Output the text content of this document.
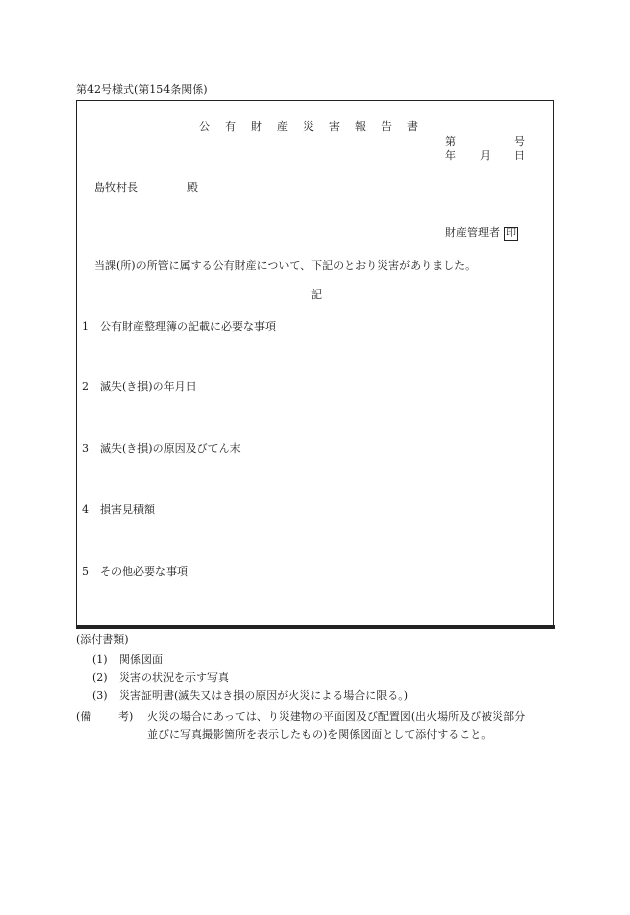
第42号様式(第154条関係)
公有財産災害報告書
第	号
年 月 日
島牧村長	殿
財産管理者 印
当課(所)の所管に属する公有財産について、下記のとおり災害がありました。
記
1 公有財産整理簿の記載に必要な事項
2 滅失(き損)の年月日
3 滅失(き損)の原因及びてん末
4 損害見積額
5 その他必要な事項
(添付書類)
(1) 関係図面
(2) 災害の状況を示す写真
(3) 災害証明書(滅失又はき損の原因が火災による場合に限る。)
(備 考) 火災の場合にあっては、り災建物の平面図及び配置図(出火場所及び被災部分
並びに写真撮影箇所を表示したもの)を関係図面として添付すること。
